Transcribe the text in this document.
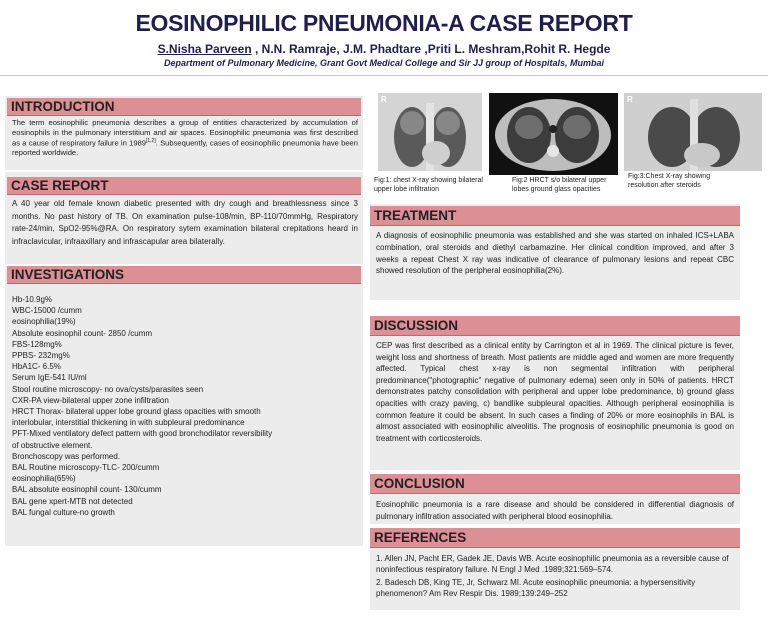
EOSINOPHILIC PNEUMONIA-A CASE REPORT
S.Nisha Parveen , N.N. Ramraje, J.M. Phadtare ,Priti L. Meshram,Rohit R. Hegde
Department of Pulmonary Medicine, Grant Govt Medical College and Sir JJ group of Hospitals, Mumbai
INTRODUCTION
The term eosinophilic pneumonia describes a group of entities characterized by accumulation of eosinophils in the pulmonary interstitium and air spaces. Eosinophilic pneumonia was first described as a cause of respiratory failure in 1989[1,2]. Subsequently, cases of eosinophilic pneumonia have been reported worldwide.
CASE REPORT
A 40 year old female known diabetic presented with dry cough and breathlessness since 3 months. No past history of TB. On examination pulse-108/min, BP-110/70mmHg, Respiratory rate-24/min, SpO2-95%@RA. On respiratory sytem examination bilateral crepitations heard in infraclavicular, infraaxillary and infrascapular area bilaterally.
INVESTIGATIONS
Hb-10.9g%
WBC-15000 /cumm
eosinophilia(19%)
Absolute eosinophil count- 2850 /cumm
FBS-128mg%
PPBS- 232mg%
HbA1C- 6.5%
Serum IgE-541 IU/ml
Stool routine microscopy- no ova/cysts/parasites seen
CXR-PA view-bilateral upper zone infiltration
HRCT Thorax- bilateral upper lobe ground glass opacities with smooth
interlobular, interstitial thickening in with subpleural predominance
PFT-Mixed ventilatory defect pattern with good bronchodilator reversibility
of obstructive element.
Bronchoscopy was performed.
BAL Routine microscopy-TLC- 200/cumm
eosinophilia(65%)
BAL absolute eosinophil count- 130/cumm
BAL gene xpert-MTB not detected
BAL fungal culture-no growth
R
Fig:1: chest X-ray showing bilateral upper lobe infiltration
Fig:2 HRCT s/o bilateral upper lobes ground glass opacities
R
Fig:3:Chest X-ray showing resolution after steroids
TREATMENT
A diagnosis of eosinophilic pneumonia was established and she was started on inhaled ICS+LABA combination, oral steroids and diethyl carbamazine. Her clinical condition improved, and after 3 weeks a repeat Chest X ray was indicative of clearance of pulmonary lesions and repeat CBC showed resolution of the peripheral eosinophilia(2%).
DISCUSSION
CEP was first described as a clinical entity by Carrington et al in 1969. The clinical picture is fever, weight loss and shortness of breath. Most patients are middle aged and women are more frequently affected. Typical chest x-ray is non segmental infiltration with peripheral predominance("photographic" negative of pulmonary edema) seen only in 50% of patients. HRCT demonstrates patchy consolidation with peripheral and upper lobe predominance, b) ground glass opacities with crazy paving, c) bandlike subpleural opacities. Although peripheral eosinophilia is common feature it could be absent. In such cases a finding of 20% or more eosinophils in BAL is almost associated with eosinophilic alveolitis. The prognosis of eosinophilic pneumonia is good on treatment with corticosteroids.
CONCLUSION
Eosinophilic pneumonia is a rare disease and should be considered in differential diagnosis of pulmonary infiltration associated with peripheral blood eosinophilia.
REFERENCES
1. Allen JN, Pacht ER, Gadek JE, Davis WB. Acute eosinophilic pneumonia as a reversible cause of noninfectious respiratory failure. N Engl J Med .1989;321:569–574.
2. Badesch DB, King TE, Jr, Schwarz MI. Acute eosinophilic pneumonia: a hypersensitivity phenomenon? Am Rev Respir Dis. 1989;139:249–252
